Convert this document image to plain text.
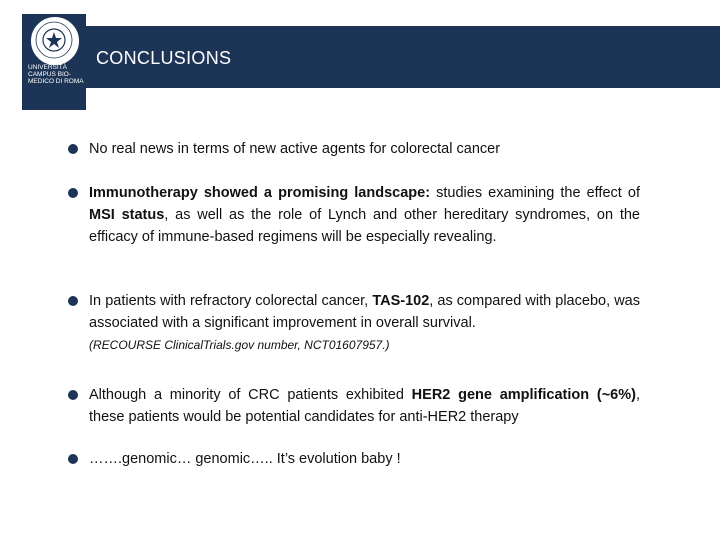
UNIVERSITÀ CAMPUS BIO-MEDICO DI ROMA
CONCLUSIONS
No real news in terms of new active agents for colorectal cancer
Immunotherapy showed a promising landscape: studies examining the effect of MSI status, as well as the role of Lynch and other hereditary syndromes, on the efficacy of immune-based regimens will be especially revealing.
In patients with refractory colorectal cancer, TAS-102, as compared with placebo, was associated with a significant improvement in overall survival.
(RECOURSE ClinicalTrials.gov number, NCT01607957.)
Although a minority of CRC patients exhibited HER2 gene amplification (~6%), these patients would be potential candidates for anti-HER2 therapy
…….genomic… genomic….. It’s evolution baby !
